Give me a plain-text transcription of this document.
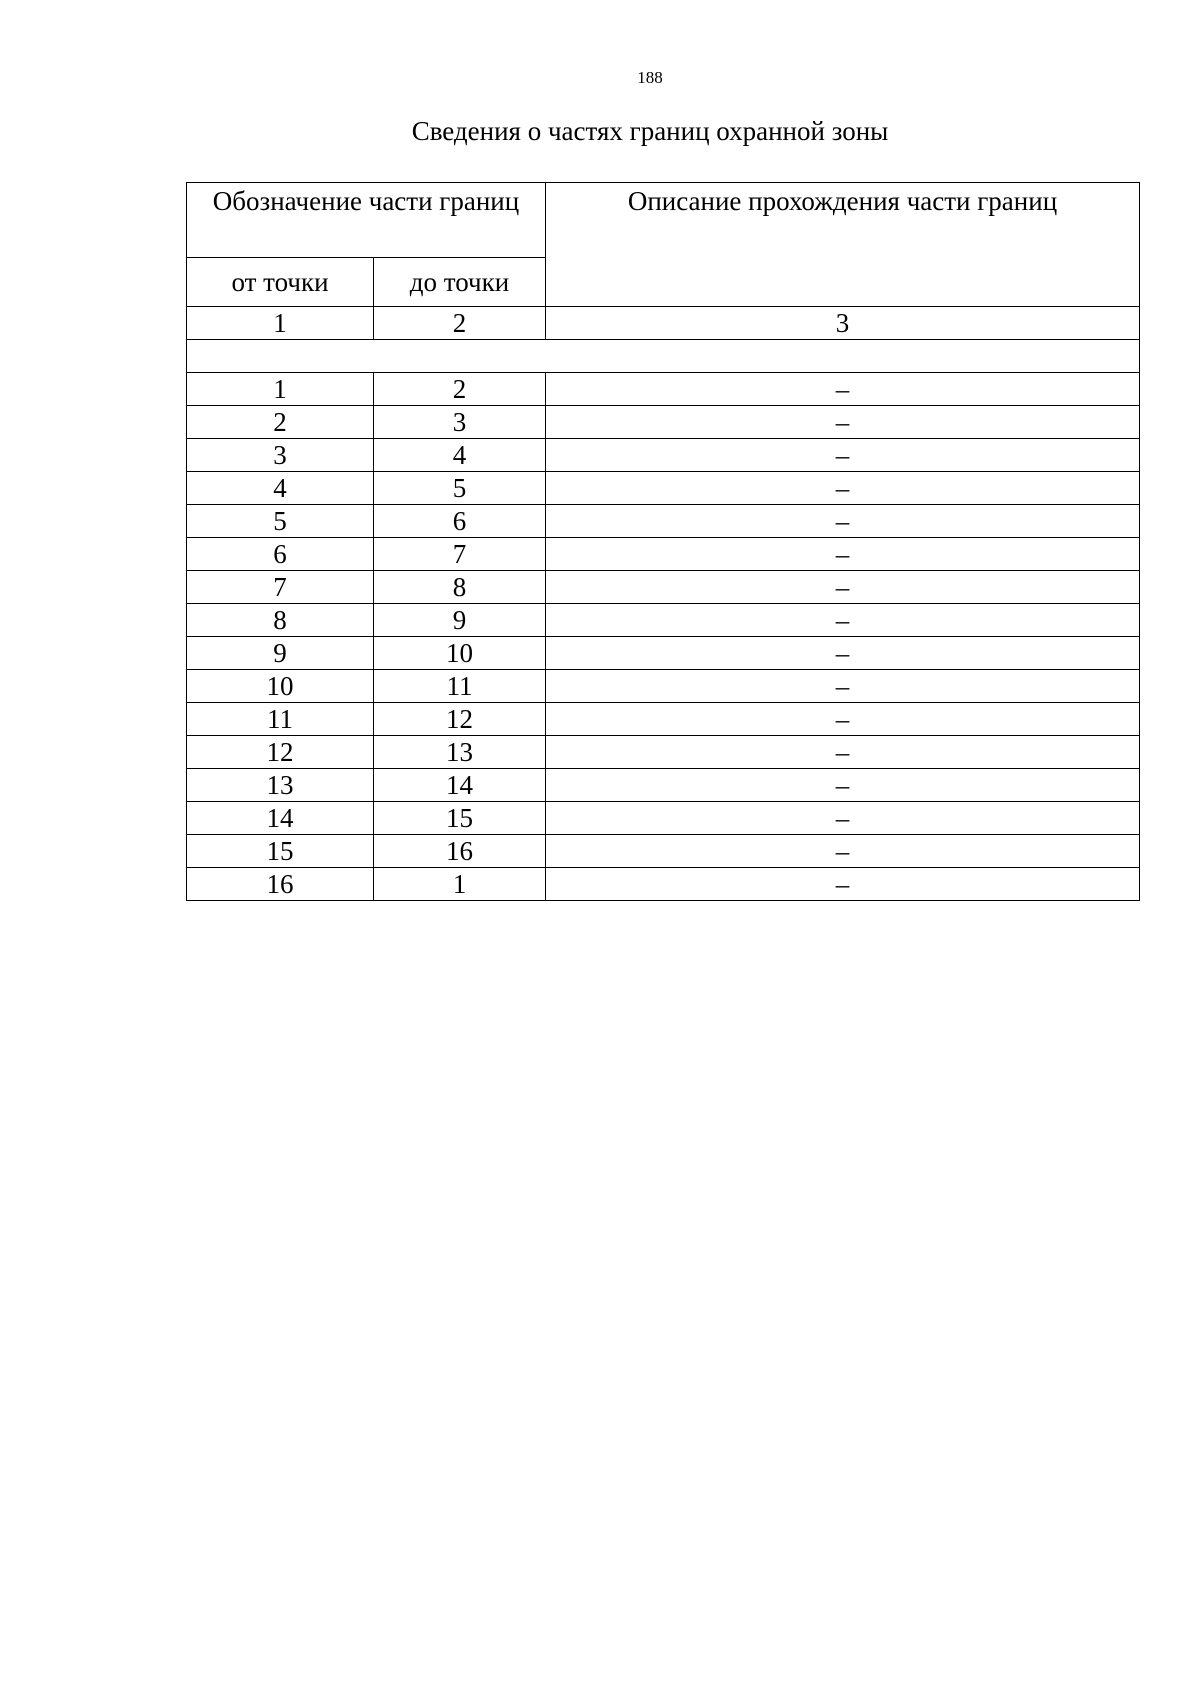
188
Сведения о частях границ охранной зоны
Обозначение части границ		Описание прохождения части границ
от точки	до точки	
1	2	3

1	2	–
2	3	–
3	4	–
4	5	–
5	6	–
6	7	–
7	8	–
8	9	–
9	10	–
10	11	–
11	12	–
12	13	–
13	14	–
14	15	–
15	16	–
16	1	–
